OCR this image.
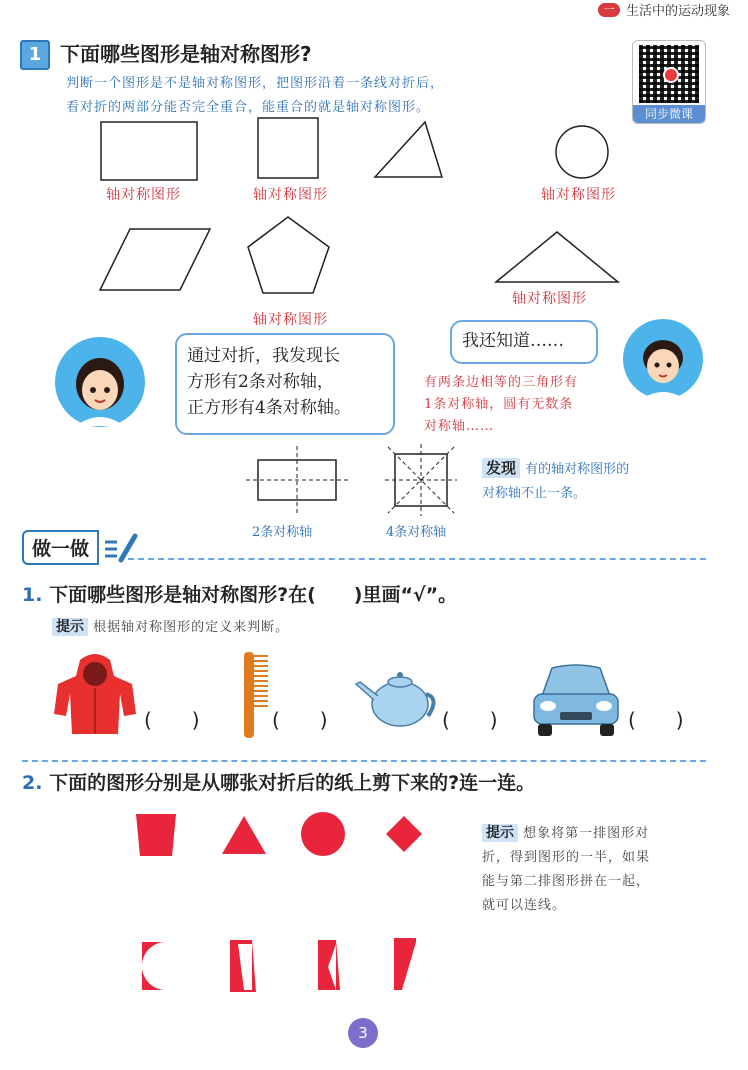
一 生活中的运动现象
1 下面哪些图形是轴对称图形?
判断一个图形是不是轴对称图形，把图形沿着一条线对折后，
看对折的两部分能否完全重合，能重合的就是轴对称图形。	同步微课
轴对称图形	轴对称图形	轴对称图形
轴对称图形
轴对称图形
通过对折，我发现长
方形有2条对称轴，
正方形有4条对称轴。
我还知道……
有两条边相等的三角形有
1条对称轴，圆有无数条
对称轴……
2条对称轴	4条对称轴
发现 有的轴对称图形的
对称轴不止一条。
做一做
1. 下面哪些图形是轴对称图形?在(　　)里画“√”。
提示 根据轴对称图形的定义来判断。
(　　)	(　　)	(　　)	(　　)
2. 下面的图形分别是从哪张对折后的纸上剪下来的?连一连。
提示 想象将第一排图形对
折，得到图形的一半，如果
能与第二排图形拼在一起，
就可以连线。
3
